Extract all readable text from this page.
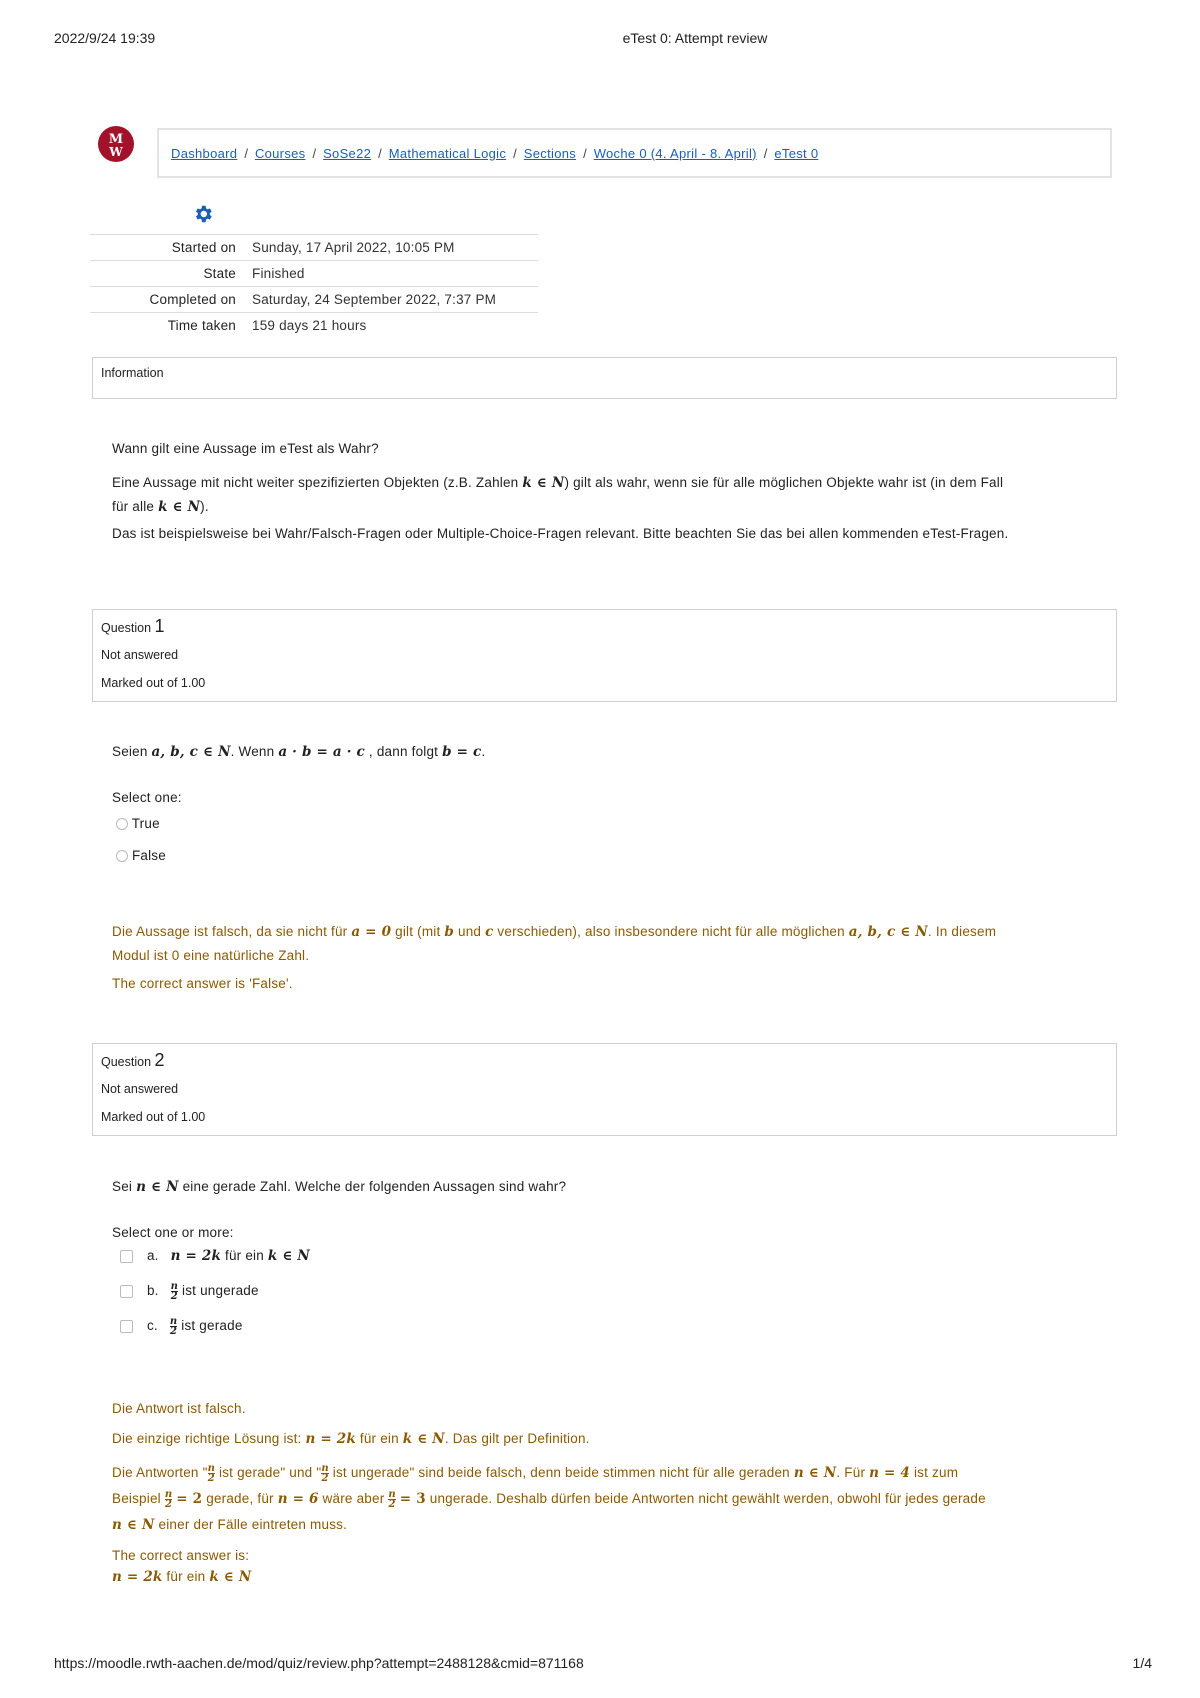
2022/9/24 19:39	eTest 0: Attempt review
M
W	Dashboard / Courses / SoSe22 / Mathematical Logic / Sections / Woche 0 (4. April - 8. April) / eTest 0
Started on	Sunday, 17 April 2022, 10:05 PM
State	Finished
Completed on	Saturday, 24 September 2022, 7:37 PM
Time taken	159 days 21 hours
Information
Wann gilt eine Aussage im eTest als Wahr?
Eine Aussage mit nicht weiter spezifizierten Objekten (z.B. Zahlen k ∈ N) gilt als wahr, wenn sie für alle möglichen Objekte wahr ist (in dem Fall
für alle k ∈ N).
Das ist beispielsweise bei Wahr/Falsch-Fragen oder Multiple-Choice-Fragen relevant. Bitte beachten Sie das bei allen kommenden eTest-Fragen.
Question 1
Not answered
Marked out of 1.00
Seien a, b, c ∈ N. Wenn a · b = a · c , dann folgt b = c.
Select one:
True
False
Die Aussage ist falsch, da sie nicht für a = 0 gilt (mit b und c verschieden), also insbesondere nicht für alle möglichen a, b, c ∈ N. In diesem
Modul ist 0 eine natürliche Zahl.
The correct answer is 'False'.
Question 2
Not answered
Marked out of 1.00
Sei n ∈ N eine gerade Zahl. Welche der folgenden Aussagen sind wahr?
Select one or more:
a. n = 2k für ein k ∈ N
b. $\frac{n}{2}$ ist ungerade
c. $\frac{n}{2}$ ist gerade
Die Antwort ist falsch.
Die einzige richtige Lösung ist: n = 2k für ein k ∈ N. Das gilt per Definition.
Die Antworten " $\frac{n}{2}$ ist gerade" und " $\frac{n}{2}$ ist ungerade" sind beide falsch, denn beide stimmen nicht für alle geraden n ∈ N. Für n = 4 ist zum
Beispiel $\frac{n}{2} = 2$ gerade, für n = 6 wäre aber $\frac{n}{2} = 3$ ungerade. Deshalb dürfen beide Antworten nicht gewählt werden, obwohl für jedes gerade
n ∈ N einer der Fälle eintreten muss.
The correct answer is:
n = 2k für ein k ∈ N
https://moodle.rwth-aachen.de/mod/quiz/review.php?attempt=2488128&cmid=871168	1/4
